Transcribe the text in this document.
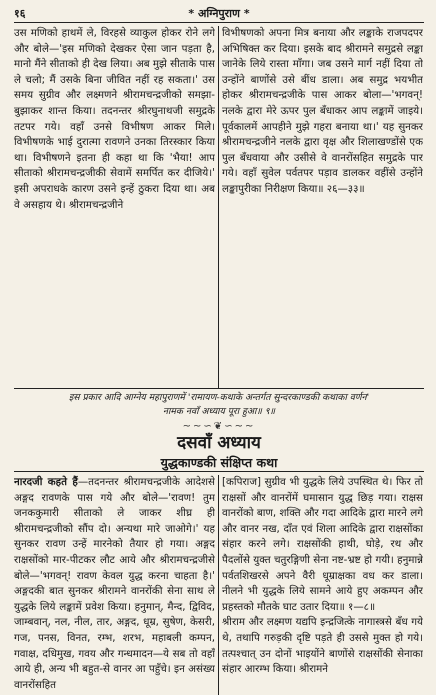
१६	* अग्निपुराण *
उस मणिको हाथमें ले, विरहसे व्याकुल होकर रोने लगे और बोले—'इस मणिको देखकर ऐसा जान पड़ता है, मानो मैंने सीताको ही देख लिया। अब मुझे सीताके पास ले चलो; मैं उसके बिना जीवित नहीं रह सकता।' उस समय सुग्रीव और लक्ष्मणने श्रीरामचन्द्रजीको समझा-बुझाकर शान्त किया। तदनन्तर श्रीरघुनाथजी समुद्रके तटपर गये। वहाँ उनसे विभीषण आकर मिले। विभीषणके भाई दुरात्मा रावणने उनका तिरस्कार किया था। विभीषणने इतना ही कहा था कि 'भैया! आप सीताको श्रीरामचन्द्रजीकी सेवामें समर्पित कर दीजिये।' इसी अपराधके कारण उसने इन्हें ठुकरा दिया था। अब वे असहाय थे। श्रीरामचन्द्रजीने
विभीषणको अपना मित्र बनाया और लङ्काके राजपदपर अभिषिक्त कर दिया। इसके बाद श्रीरामने समुद्रसे लङ्का जानेके लिये रास्ता माँगा। जब उसने मार्ग नहीं दिया तो उन्होंने बाणोंसे उसे बींध डाला। अब समुद्र भयभीत होकर श्रीरामचन्द्रजीके पास आकर बोला—'भगवन्! नलके द्वारा मेरे ऊपर पुल बँधाकर आप लङ्कामें जाइये। पूर्वकालमें आपहीने मुझे गहरा बनाया था।' यह सुनकर श्रीरामचन्द्रजीने नलके द्वारा वृक्ष और शिलाखण्डोंसे एक पुल बँधवाया और उसीसे वे वानरोंसहित समुद्रके पार गये। वहाँ सुवेल पर्वतपर पड़ाव डालकर वहींसे उन्होंने लङ्कापुरीका निरीक्षण किया॥ २६—३३॥
इस प्रकार आदि आग्नेय महापुराणमें 'रामायण-कथाके अन्तर्गत सुन्दरकाण्डकी कथाका वर्णन'
नामक नवाँ अध्याय पूरा हुआ॥ ९॥
~~∽❦∽~~
दसवाँ अध्याय
युद्धकाण्डकी संक्षिप्त कथा
नारदजी कहते हैं—तदनन्तर श्रीरामचन्द्रजीके आदेशसे अङ्गद रावणके पास गये और बोले—'रावण! तुम जनककुमारी सीताको ले जाकर शीघ्र ही श्रीरामचन्द्रजीको सौंप दो। अन्यथा मारे जाओगे।' यह सुनकर रावण उन्हें मारनेको तैयार हो गया। अङ्गद राक्षसोंको मार-पीटकर लौट आये और श्रीरामचन्द्रजीसे बोले—'भगवन्! रावण केवल युद्ध करना चाहता है।' अङ्गदकी बात सुनकर श्रीरामने वानरोंकी सेना साथ ले युद्धके लिये लङ्कामें प्रवेश किया। हनुमान्, मैन्द, द्विविद, जाम्बवान्, नल, नील, तार, अङ्गद, धूम्र, सुषेण, केसरी, गज, पनस, विनत, रम्भ, शरभ, महाबली कम्पन, गवाक्ष, दधिमुख, गवय और गन्धमादन—ये सब तो वहाँ आये ही, अन्य भी बहुत-से वानर आ पहुँचे। इन असंख्य वानरोंसहित
[कपिराज] सुग्रीव भी युद्धके लिये उपस्थित थे। फिर तो राक्षसों और वानरोंमें घमासान युद्ध छिड़ गया। राक्षस वानरोंको बाण, शक्ति और गदा आदिके द्वारा मारने लगे और वानर नख, दाँत एवं शिला आदिके द्वारा राक्षसोंका संहार करने लगे। राक्षसोंकी हाथी, घोड़े, रथ और पैदलोंसे युक्त चतुरङ्गिणी सेना नष्ट-भ्रष्ट हो गयी। हनुमान्ने पर्वतशिखरसे अपने वैरी धूम्राक्षका वध कर डाला। नीलने भी युद्धके लिये सामने आये हुए अकम्पन और प्रहस्तको मौतके घाट उतार दिया॥ १—८॥
श्रीराम और लक्ष्मण यद्यपि इन्द्रजित्के नागास्त्रसे बँध गये थे, तथापि गरुड़की दृष्टि पड़ते ही उससे मुक्त हो गये। तत्पश्चात् उन दोनों भाइयोंने बाणोंसे राक्षसोंकी सेनाका संहार आरम्भ किया। श्रीरामने
